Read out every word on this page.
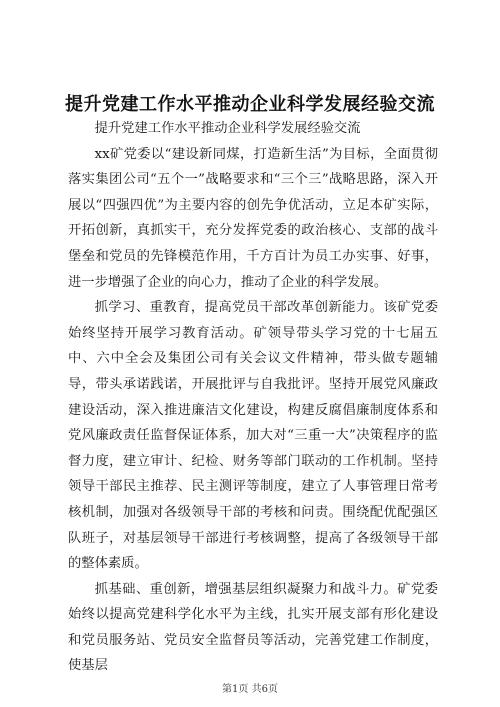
提升党建工作水平推动企业科学发展经验交流

提升党建工作水平推动企业科学发展经验交流

xx矿党委以“建设新同煤，打造新生活”为目标，全面贯彻落实集团公司“五个一”战略要求和“三个三”战略思路，深入开展以“四强四优”为主要内容的创先争优活动，立足本矿实际，开拓创新，真抓实干，充分发挥党委的政治核心、支部的战斗堡垒和党员的先锋模范作用，千方百计为员工办实事、好事，进一步增强了企业的向心力，推动了企业的科学发展。

抓学习、重教育，提高党员干部改革创新能力。该矿党委始终坚持开展学习教育活动。矿领导带头学习党的十七届五中、六中全会及集团公司有关会议文件精神，带头做专题辅导，带头承诺践诺，开展批评与自我批评。坚持开展党风廉政建设活动，深入推进廉洁文化建设，构建反腐倡廉制度体系和党风廉政责任监督保证体系，加大对“三重一大”决策程序的监督力度，建立审计、纪检、财务等部门联动的工作机制。坚持领导干部民主推荐、民主测评等制度，建立了人事管理日常考核机制，加强对各级领导干部的考核和问责。围绕配优配强区队班子，对基层领导干部进行考核调整，提高了各级领导干部的整体素质。

抓基础、重创新，增强基层组织凝聚力和战斗力。矿党委始终以提高党建科学化水平为主线，扎实开展支部有形化建设和党员服务站、党员安全监督员等活动，完善党建工作制度，使基层

第1页 共6页
